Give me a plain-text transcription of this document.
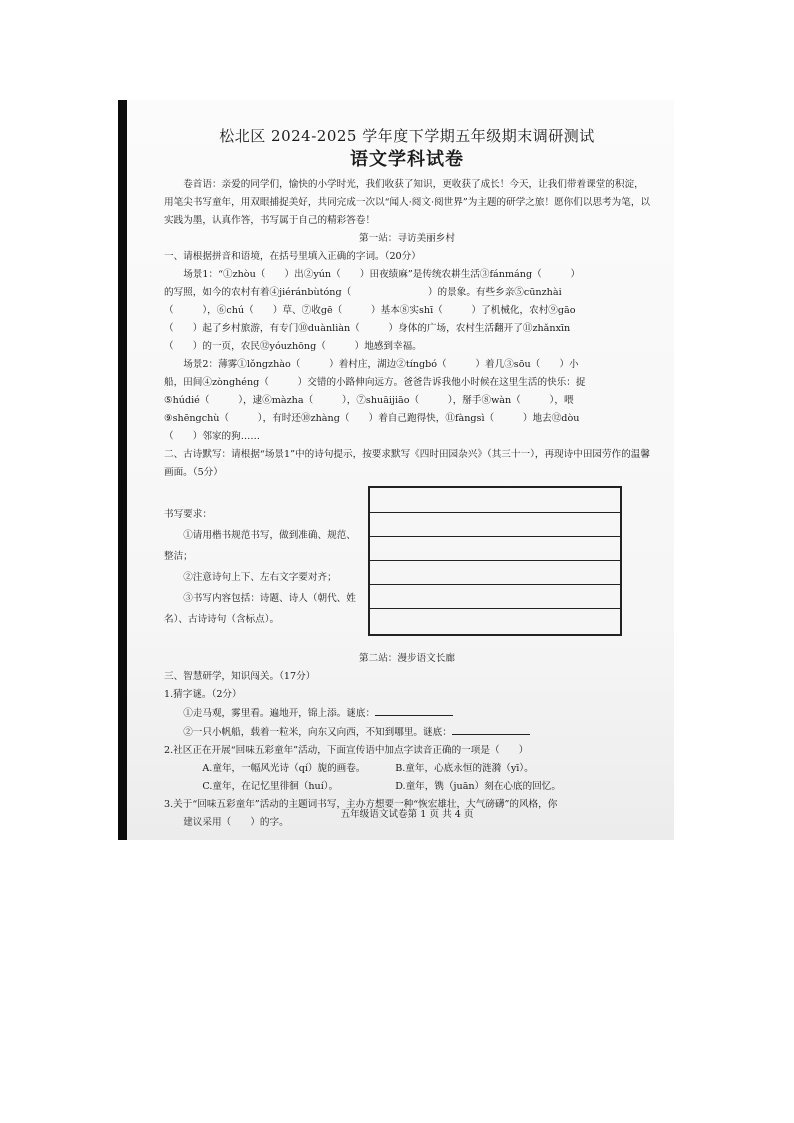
松北区 2024-2025 学年度下学期五年级期末调研测试
语文学科试卷

卷首语：亲爱的同学们，愉快的小学时光，我们收获了知识，更收获了成长！今天，让我们带着课堂的积淀，用笔尖书写童年，用双眼捕捉美好，共同完成一次以“闻人·阅文·阅世界”为主题的研学之旅！愿你们以思考为笔，以实践为墨，认真作答，书写属于自己的精彩答卷！

第一站：寻访美丽乡村

一、请根据拼音和语境，在括号里填入正确的字词。（20分）

场景1：“①zhòu（　　）出②yún（　　）田夜绩麻”是传统农耕生活③fánmáng（　　　）

的写照，如今的农村有着④jiéránbùtóng（　　　　　　　　）的景象。有些乡亲⑤cūnzhài

（　　　），⑥chú（　　）草、⑦收gē（　　　）基本⑧实shī（　　　）了机械化，农村⑨gāo

（　　）起了乡村旅游，有专门⑩duànliàn（　　　）身体的广场，农村生活翻开了⑪zhǎnxīn

（　　）的一页，农民⑫yóuzhōng（　　　）地感到幸福。

场景2：薄雾①lǒngzhào（　　　）着村庄，湖边②tíngbó（　　　）着几③sōu（　　）小

船，田间④zònghéng（　　　）交错的小路伸向远方。爸爸告诉我他小时候在这里生活的快乐：捉

⑤húdié（　　　），逮⑥màzha（　　　），⑦shuāijiāo（　　　），掰手⑧wàn（　　　），喂

⑨shēngchù（　　　），有时还⑩zhàng（　　）着自己跑得快，⑪fàngsì（　　　）地去⑫dòu

（　　）邻家的狗……

二、古诗默写：请根据“场景1”中的诗句提示，按要求默写《四时田园杂兴》（其三十一），再现诗中田园劳作的温馨画面。（5分）

书写要求：

①请用楷书规范书写，做到准确、规范、整洁；

②注意诗句上下、左右文字要对齐；

③书写内容包括：诗题、诗人（朝代、姓名）、古诗诗句（含标点）。

第二站：漫步语文长廊

三、智慧研学，知识闯关。（17分）

1.猜字谜。（2分）

①走马观，雾里看。遍地开，锦上添。谜底：

②一只小帆船，载着一粒米，向东又向西，不知到哪里。谜底：

2.社区正在开展“回味五彩童年”活动，下面宣传语中加点字读音正确的一项是（　　）

A.童年，一幅风光诗（qí）旎的画卷。	B.童年，心底永恒的涟漪（yī）。

C.童年，在记忆里徘徊（huí）。	D.童年，镌（juān）刻在心底的回忆。

3.关于“回味五彩童年”活动的主题词书写，主办方想要一种“恢宏雄壮，大气磅礴”的风格，你

建议采用（　　）的字。

五年级语文试卷第 1 页 共 4 页
